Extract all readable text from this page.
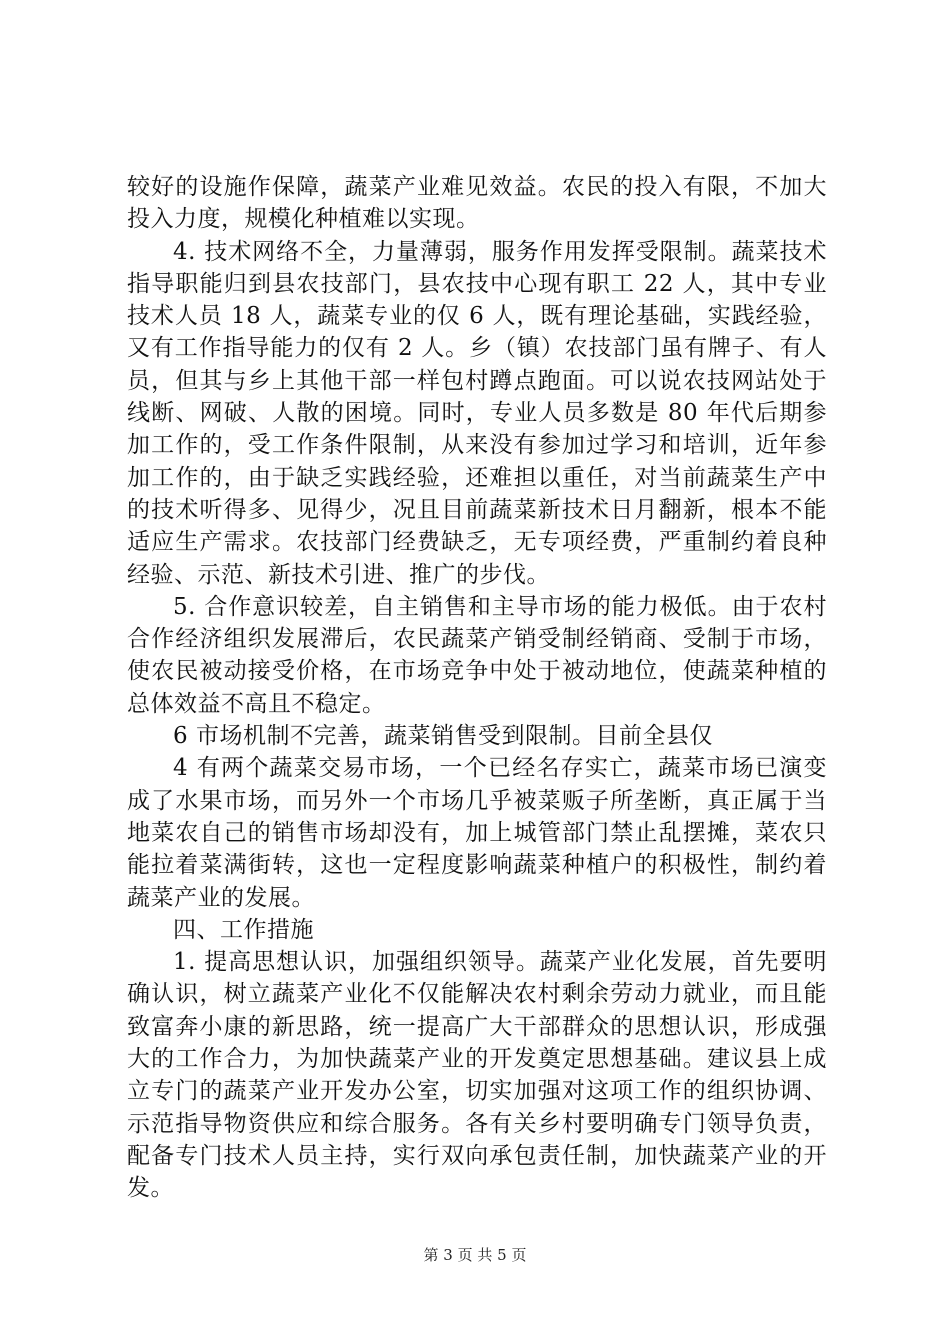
较好的设施作保障，蔬菜产业难见效益。农民的投入有限，不加大投入力度，规模化种植难以实现。

4. 技术网络不全，力量薄弱，服务作用发挥受限制。蔬菜技术指导职能归到县农技部门，县农技中心现有职工 22 人，其中专业技术人员 18 人，蔬菜专业的仅 6 人，既有理论基础，实践经验，又有工作指导能力的仅有 2 人。乡（镇）农技部门虽有牌子、有人员，但其与乡上其他干部一样包村蹲点跑面。可以说农技网站处于线断、网破、人散的困境。同时，专业人员多数是 80 年代后期参加工作的，受工作条件限制，从来没有参加过学习和培训，近年参加工作的，由于缺乏实践经验，还难担以重任，对当前蔬菜生产中的技术听得多、见得少，况且目前蔬菜新技术日月翻新，根本不能适应生产需求。农技部门经费缺乏，无专项经费，严重制约着良种经验、示范、新技术引进、推广的步伐。

5. 合作意识较差，自主销售和主导市场的能力极低。由于农村合作经济组织发展滞后，农民蔬菜产销受制经销商、受制于市场，使农民被动接受价格，在市场竞争中处于被动地位，使蔬菜种植的总体效益不高且不稳定。

6 市场机制不完善，蔬菜销售受到限制。目前全县仅

4 有两个蔬菜交易市场，一个已经名存实亡，蔬菜市场已演变成了水果市场，而另外一个市场几乎被菜贩子所垄断，真正属于当地菜农自己的销售市场却没有，加上城管部门禁止乱摆摊，菜农只能拉着菜满街转，这也一定程度影响蔬菜种植户的积极性，制约着蔬菜产业的发展。

四、工作措施

1. 提高思想认识，加强组织领导。蔬菜产业化发展，首先要明确认识，树立蔬菜产业化不仅能解决农村剩余劳动力就业，而且能致富奔小康的新思路，统一提高广大干部群众的思想认识，形成强大的工作合力，为加快蔬菜产业的开发奠定思想基础。建议县上成立专门的蔬菜产业开发办公室，切实加强对这项工作的组织协调、示范指导物资供应和综合服务。各有关乡村要明确专门领导负责，配备专门技术人员主持，实行双向承包责任制，加快蔬菜产业的开发。

第 3 页 共 5 页
